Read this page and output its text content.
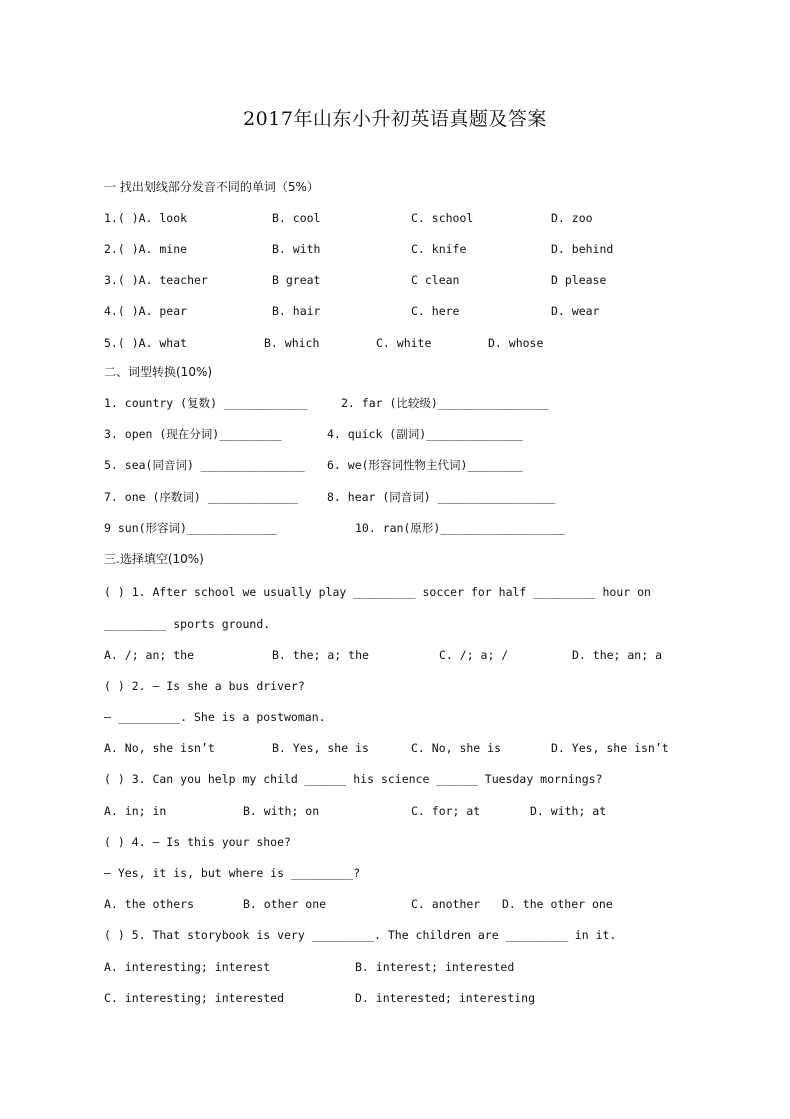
2017年山东小升初英语真题及答案
一 找出划线部分发音不同的单词（5%）
1.( )A. look	B. cool	C. school	D. zoo
2.( )A. mine	B. with	C. knife	D. behind
3.( )A. teacher	B great	C clean	D please
4.( )A. pear	B. hair	C. here	D. wear
5.( )A. what	B. which	C. white	D. whose
二、词型转换(10%)
1. country (复数) ____________	2. far (比较级)________________
3. open (现在分词)_________	4. quick (副词)______________
5. sea(同音词) _______________ 6. we(形容词性物主代词)________
7. one (序数词) _____________	8. hear (同音词) _________________
9 sun(形容词)_____________	10. ran(原形)__________________
三.选择填空(10%)
( ) 1. After school we usually play _________ soccer for half _________ hour on
_________ sports ground.
A. /; an; the	B. the; a; the	C. /; a; /	D. the; an; a
( ) 2. — Is she a bus driver?
— _________. She is a postwoman.
A. No, she isn’t	B. Yes, she is	C. No, she is	D. Yes, she isn’t
( ) 3. Can you help my child ______ his science ______ Tuesday mornings?
A. in; in	B. with; on	C. for; at	D. with; at
( ) 4. — Is this your shoe?
— Yes, it is, but where is _________?
A. the others	B. other one	C. another D. the other one
( ) 5. That storybook is very _________. The children are _________ in it.
A. interesting; interest	B. interest; interested
C. interesting; interested	D. interested; interesting
